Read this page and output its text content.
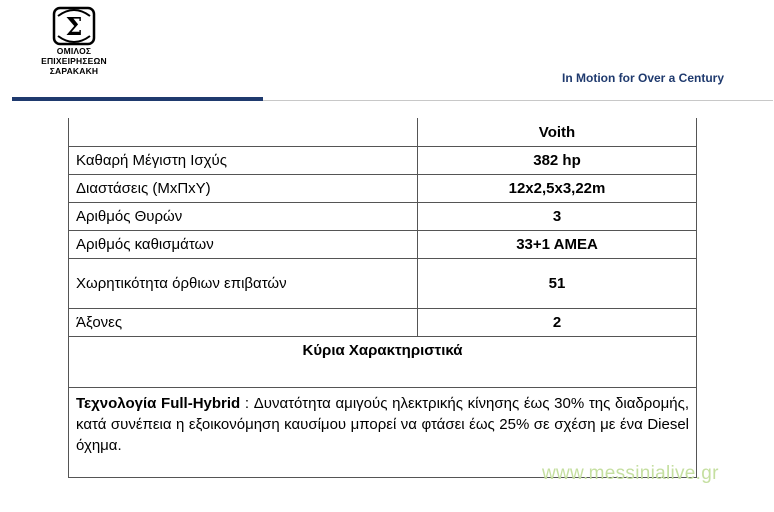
Σ
ΟΜΙΛΟΣ
ΕΠΙΧΕΙΡΗΣΕΩΝ
ΣΑΡΑΚΑΚΗ	In Motion for Over a Century
	Voith
Καθαρή Μέγιστη Ισχύς	382 hp
Διαστάσεις (ΜxΠxΥ)	12x2,5x3,22m
Αριθμός Θυρών	3
Αριθμός καθισμάτων	33+1 ΑΜΕΑ
Χωρητικότητα όρθιων επιβατών	51
Άξονες	2
Κύρια Χαρακτηριστικά	
Τεχνολογία Full-Hybrid : Δυνατότητα αμιγούς ηλεκτρικής κίνησης έως 30% της διαδρομής, κατά συνέπεια η εξοικονόμηση καυσίμου μπορεί να φτάσει έως 25% σε σχέση με ένα Diesel όχημα.	
www.messinialive.gr
